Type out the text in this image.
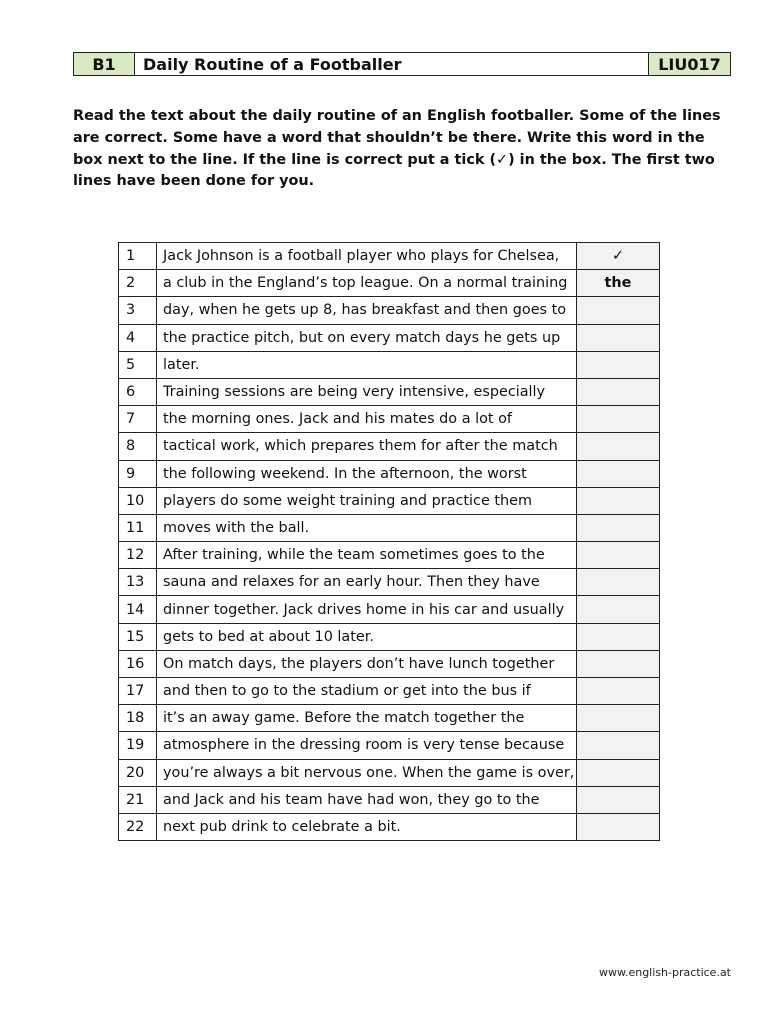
B1	Daily Routine of a Footballer	LIU017

Read the text about the daily routine of an English footballer. Some of the lines are correct. Some have a word that shouldn’t be there. Write this word in the box next to the line. If the line is correct put a tick (✓) in the box. The first two lines have been done for you.

1	Jack Johnson is a football player who plays for Chelsea,	✓
2	a club in the England’s top league. On a normal training	the
3	day, when he gets up 8, has breakfast and then goes to	
4	the practice pitch, but on every match days he gets up	
5	later.	
6	Training sessions are being very intensive, especially	
7	the morning ones. Jack and his mates do a lot of	
8	tactical work, which prepares them for after the match	
9	the following weekend. In the afternoon, the worst	
10	players do some weight training and practice them	
11	moves with the ball.	
12	After training, while the team sometimes goes to the	
13	sauna and relaxes for an early hour. Then they have	
14	dinner together. Jack drives home in his car and usually	
15	gets to bed at about 10 later.	
16	On match days, the players don’t have lunch together	
17	and then to go to the stadium or get into the bus if	
18	it’s an away game. Before the match together the	
19	atmosphere in the dressing room is very tense because	
20	you’re always a bit nervous one. When the game is over,	
21	and Jack and his team have had won, they go to the	
22	next pub drink to celebrate a bit.	
www.english-practice.at
